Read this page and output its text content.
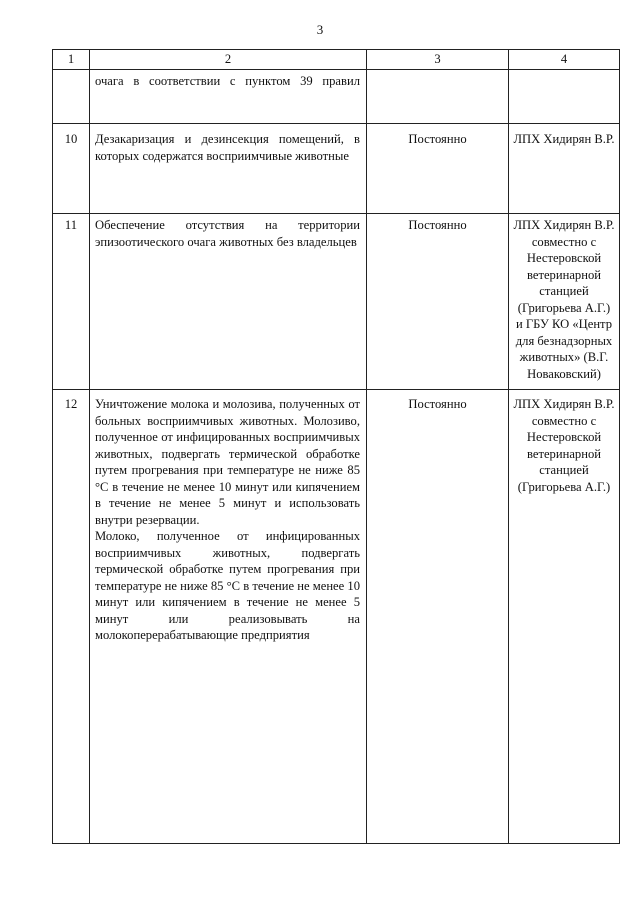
3
1	2	3	4

	очага в соответствии с пунктом 39 правил		

10	Дезакаризация и дезинсекция помещений, в которых содержатся восприимчивые животные	Постоянно	ЛПХ Хидирян В.Р.
11	Обеспечение отсутствия на территории эпизоотического очага животных без владельцев	Постоянно	ЛПХ Хидирян В.Р. совместно с Нестеровской ветеринарной станцией (Григорьева А.Г.) и ГБУ КО «Центр для безнадзорных животных» (В.Г. Новаковский)
12	Уничтожение молока и молозива, полученных от больных восприимчивых животных. Молозиво, полученное от инфицированных восприимчивых животных, подвергать термической обработке путем прогревания при температуре не ниже 85 °С в течение не менее 10 минут или кипячением в течение не менее 5 минут и использовать внутри резервации.

Молоко, полученное от инфицированных восприимчивых животных, подвергать термической обработке путем прогревания при температуре не ниже 85 °С в течение не менее 10 минут или кипячением в течение не менее 5 минут или реализовывать на молокоперерабатывающие предприятия	Постоянно	ЛПХ Хидирян В.Р. совместно с Нестеровской ветеринарной станцией (Григорьева А.Г.)
